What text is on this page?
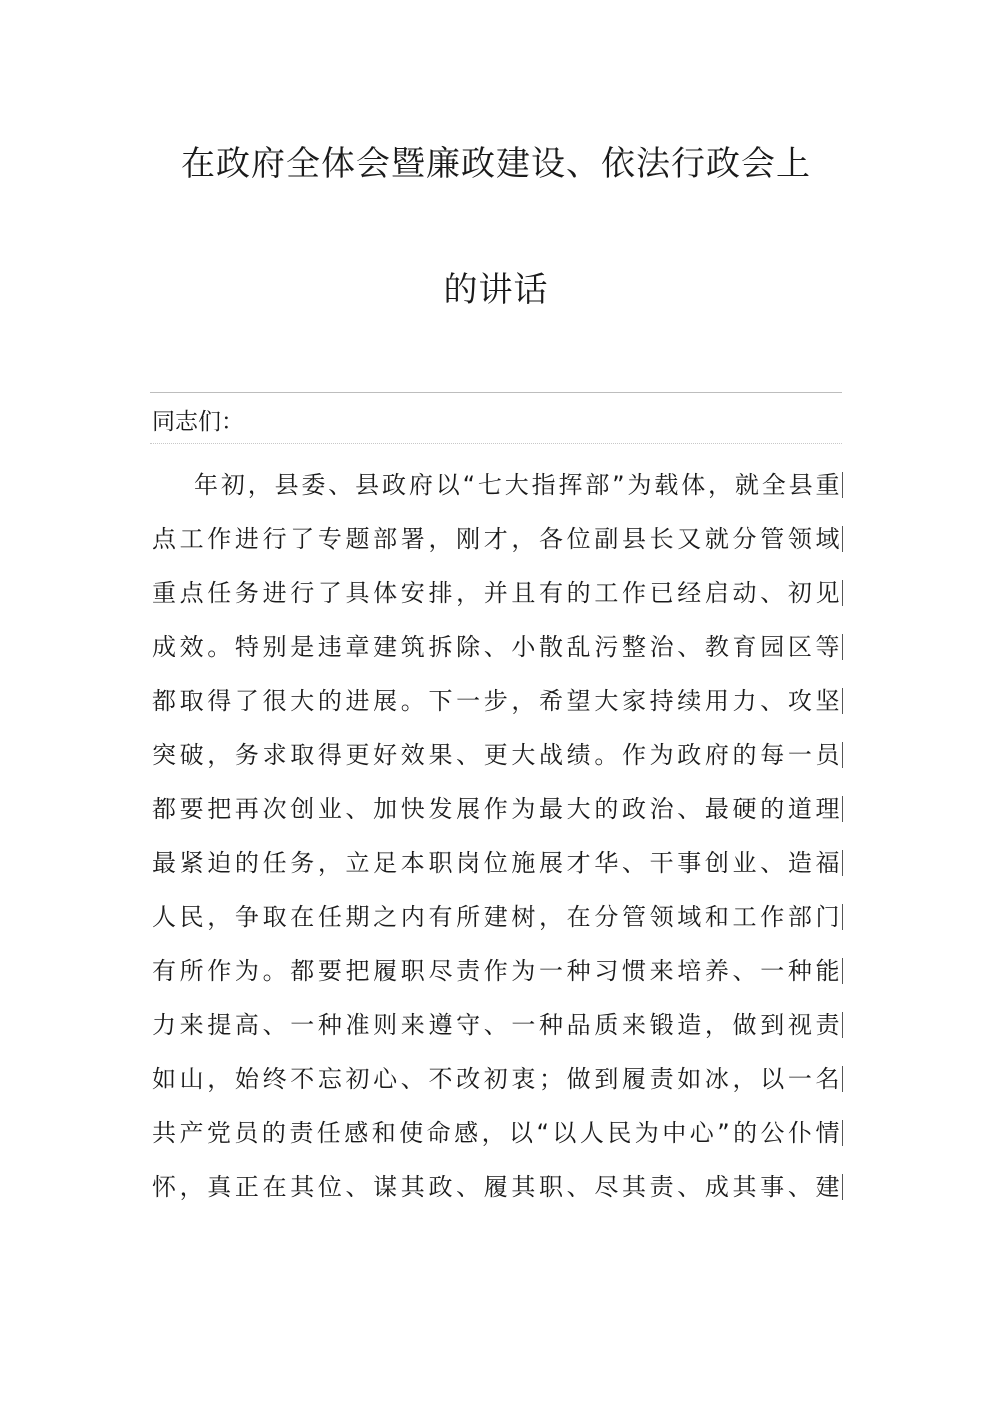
在政府全体会暨廉政建设、依法行政会上
的讲话
同志们：
年初，县委、县政府以“七大指挥部”为载体，就全县重
点工作进行了专题部署，刚才，各位副县长又就分管领域
重点任务进行了具体安排，并且有的工作已经启动、初见
成效。特别是违章建筑拆除、小散乱污整治、教育园区等
都取得了很大的进展。下一步，希望大家持续用力、攻坚
突破，务求取得更好效果、更大战绩。作为政府的每一员
都要把再次创业、加快发展作为最大的政治、最硬的道理
最紧迫的任务，立足本职岗位施展才华、干事创业、造福
人民，争取在任期之内有所建树，在分管领域和工作部门
有所作为。都要把履职尽责作为一种习惯来培养、一种能
力来提高、一种准则来遵守、一种品质来锻造，做到视责
如山，始终不忘初心、不改初衷；做到履责如冰，以一名
共产党员的责任感和使命感，以“以人民为中心”的公仆情
怀，真正在其位、谋其政、履其职、尽其责、成其事、建
